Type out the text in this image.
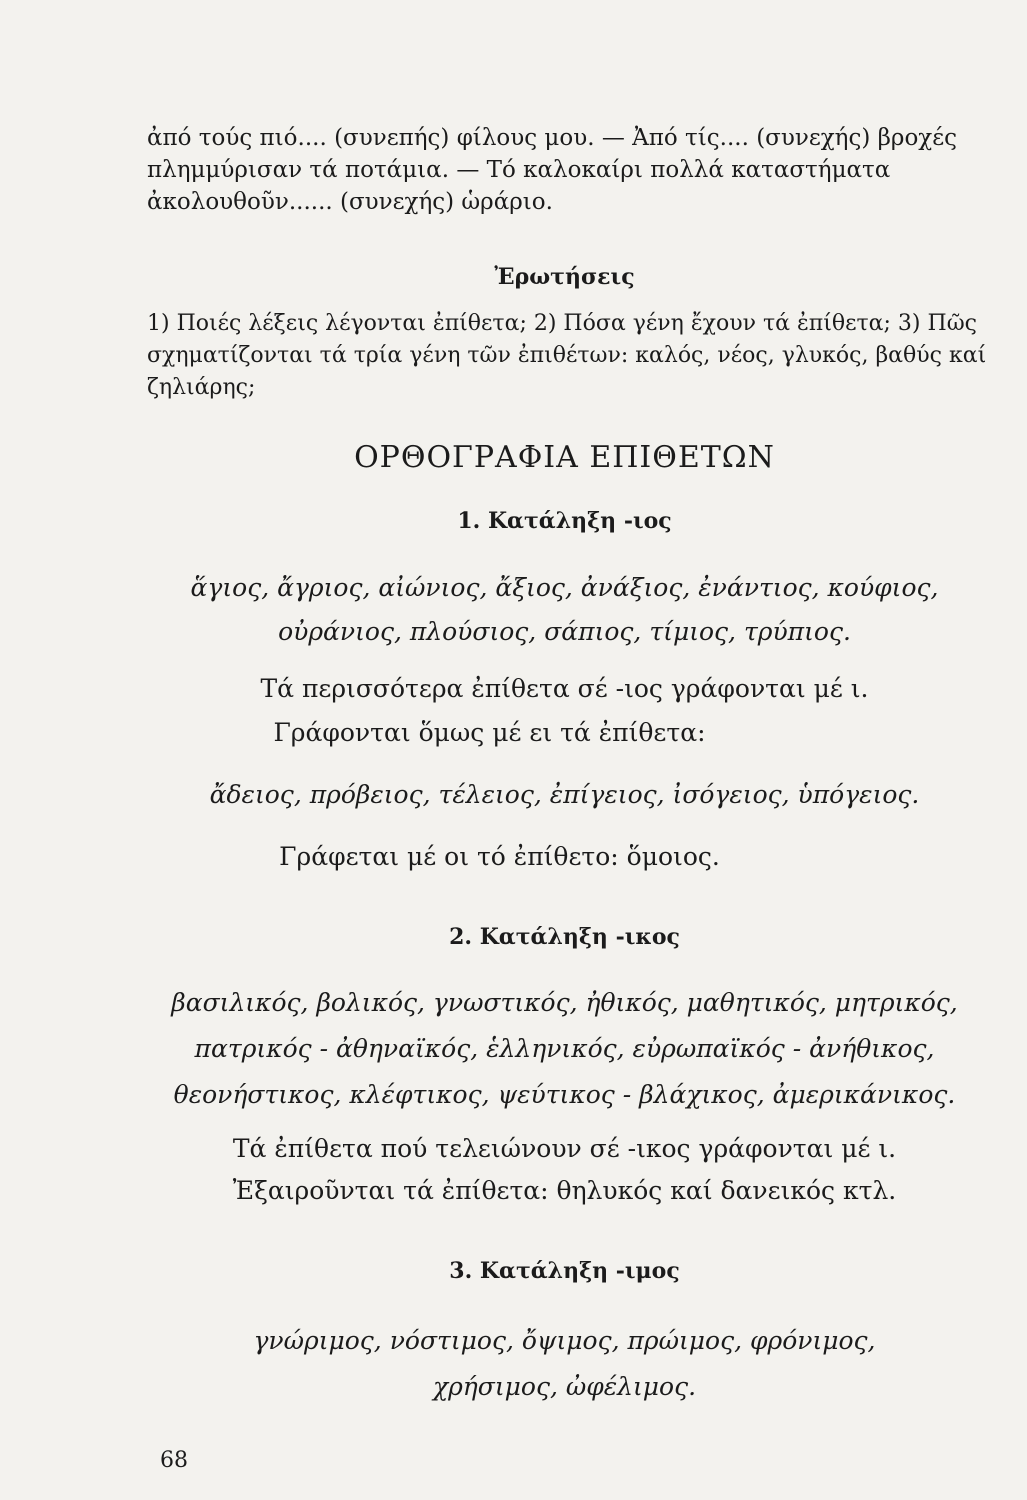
ἀπό τούς πιό.... (συνεπής) φίλους μου. — Ἀπό τίς.... (συνεχής) βροχές
πλημμύρισαν τά ποτάμια. — Τό καλοκαίρι πολλά καταστήματα
ἀκολουθοῦν...... (συνεχής) ὡράριο.
Ἐρωτήσεις
1) Ποιές λέξεις λέγονται ἐπίθετα; 2) Πόσα γένη ἔχουν τά ἐπίθετα; 3) Πῶς
σχηματίζονται τά τρία γένη τῶν ἐπιθέτων: καλός, νέος, γλυκός, βαθύς καί
ζηλιάρης;
ΟΡΘΟΓΡΑΦΙΑ ΕΠΙΘΕΤΩΝ
1. Κατάληξη -ιος
ἅγιος, ἄγριος, αἰώνιος, ἄξιος, ἀνάξιος, ἐνάντιος, κούφιος,
οὐράνιος, πλούσιος, σάπιος, τίμιος, τρύπιος.
Τά περισσότερα ἐπίθετα σέ -ιος γράφονται μέ ι.
Γράφονται ὅμως μέ ει τά ἐπίθετα:
ἄδειος, πρόβειος, τέλειος, ἐπίγειος, ἰσόγειος, ὑπόγειος.
Γράφεται μέ οι τό ἐπίθετο: ὅμοιος.
2. Κατάληξη -ικος
βασιλικός, βολικός, γνωστικός, ἠθικός, μαθητικός, μητρικός,
πατρικός - ἀθηναϊκός, ἑλληνικός, εὐρωπαϊκός - ἀνήθικος,
θεονήστικος, κλέφτικος, ψεύτικος - βλάχικος, ἀμερικάνικος.
Τά ἐπίθετα πού τελειώνουν σέ -ικος γράφονται μέ ι.
Ἐξαιροῦνται τά ἐπίθετα: θηλυκός καί δανεικός κτλ.
3. Κατάληξη -ιμος
γνώριμος, νόστιμος, ὄψιμος, πρώιμος, φρόνιμος,
χρήσιμος, ὠφέλιμος.
68
